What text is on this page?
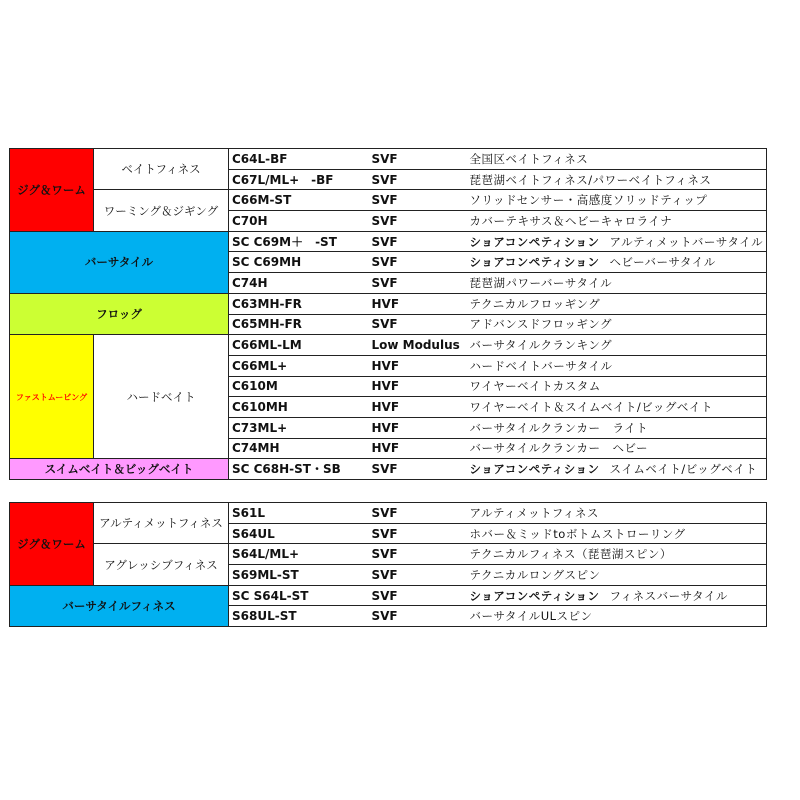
ジグ＆ワーム	ベイトフィネス	C64L-BF	SVF	全国区ベイトフィネス
		C67L/ML+　-BF	SVF	琵琶湖ベイトフィネス/パワーベイトフィネス
	ワーミング＆ジギング	C66M-ST	SVF	ソリッドセンサー・高感度ソリッドティップ
		C70H	SVF	カバーテキサス＆ヘビーキャロライナ
バーサタイル		SC C69M＋　-ST	SVF	ショアコンペティション アルティメットバーサタイル
		SC C69MH	SVF	ショアコンペティション ヘビーバーサタイル
		C74H	SVF	琵琶湖パワーバーサタイル
フロッグ		C63MH-FR	HVF	テクニカルフロッギング
		C65MH-FR	SVF	アドバンスドフロッギング
ファストムービング	ハードベイト	C66ML-LM	Low Modulus	バーサタイルクランキング
		C66ML+	HVF	ハードベイトバーサタイル
		C610M	HVF	ワイヤーベイトカスタム
		C610MH	HVF	ワイヤーベイト＆スイムベイト/ビッグベイト
		C73ML+	HVF	バーサタイルクランカー　ライト
		C74MH	HVF	バーサタイルクランカー　ヘビー
スイムベイト＆ビッグベイト		SC C68H-ST・SB	SVF	ショアコンペティション スイムベイト/ビッグベイト
ジグ＆ワーム	アルティメットフィネス	S61L	SVF	アルティメットフィネス
		S64UL	SVF	ホバー＆ミッドtoボトムストローリング
	アグレッシブフィネス	S64L/ML+	SVF	テクニカルフィネス（琵琶湖スピン）
		S69ML-ST	SVF	テクニカルロングスピン
バーサタイルフィネス		SC S64L-ST	SVF	ショアコンペティション フィネスバーサタイル
		S68UL-ST	SVF	バーサタイルULスピン
